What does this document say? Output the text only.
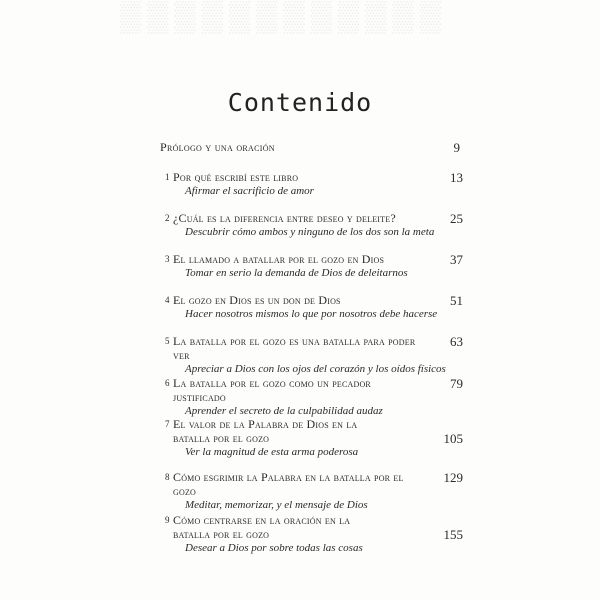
▒▒▒▒▒▒▒▒▒▒▒▒
Contenido
Prólogo y una oración	9
1 Por qué escribí este libro
Afirmar el sacrificio de amor
13
2 ¿Cuál es la diferencia entre deseo y deleite?
Descubrir cómo ambos y ninguno de los dos son la meta
25
3 El llamado a batallar por el gozo en Dios
Tomar en serio la demanda de Dios de deleitarnos
37
4 El gozo en Dios es un don de Dios
Hacer nosotros mismos lo que por nosotros debe hacerse
51
5 La batalla por el gozo es una batalla para poder ver
Apreciar a Dios con los ojos del corazón y los oídos físicos
63
6 La batalla por el gozo como un pecador justificado
Aprender el secreto de la culpabilidad audaz
79
7 El valor de la Palabra de Dios en la batalla por el gozo
Ver la magnitud de esta arma poderosa
105
8 Cómo esgrimir la Palabra en la batalla por el gozo
Meditar, memorizar, y el mensaje de Dios
129
9 Cómo centrarse en la oración en la batalla por el gozo
Desear a Dios por sobre todas las cosas
155
